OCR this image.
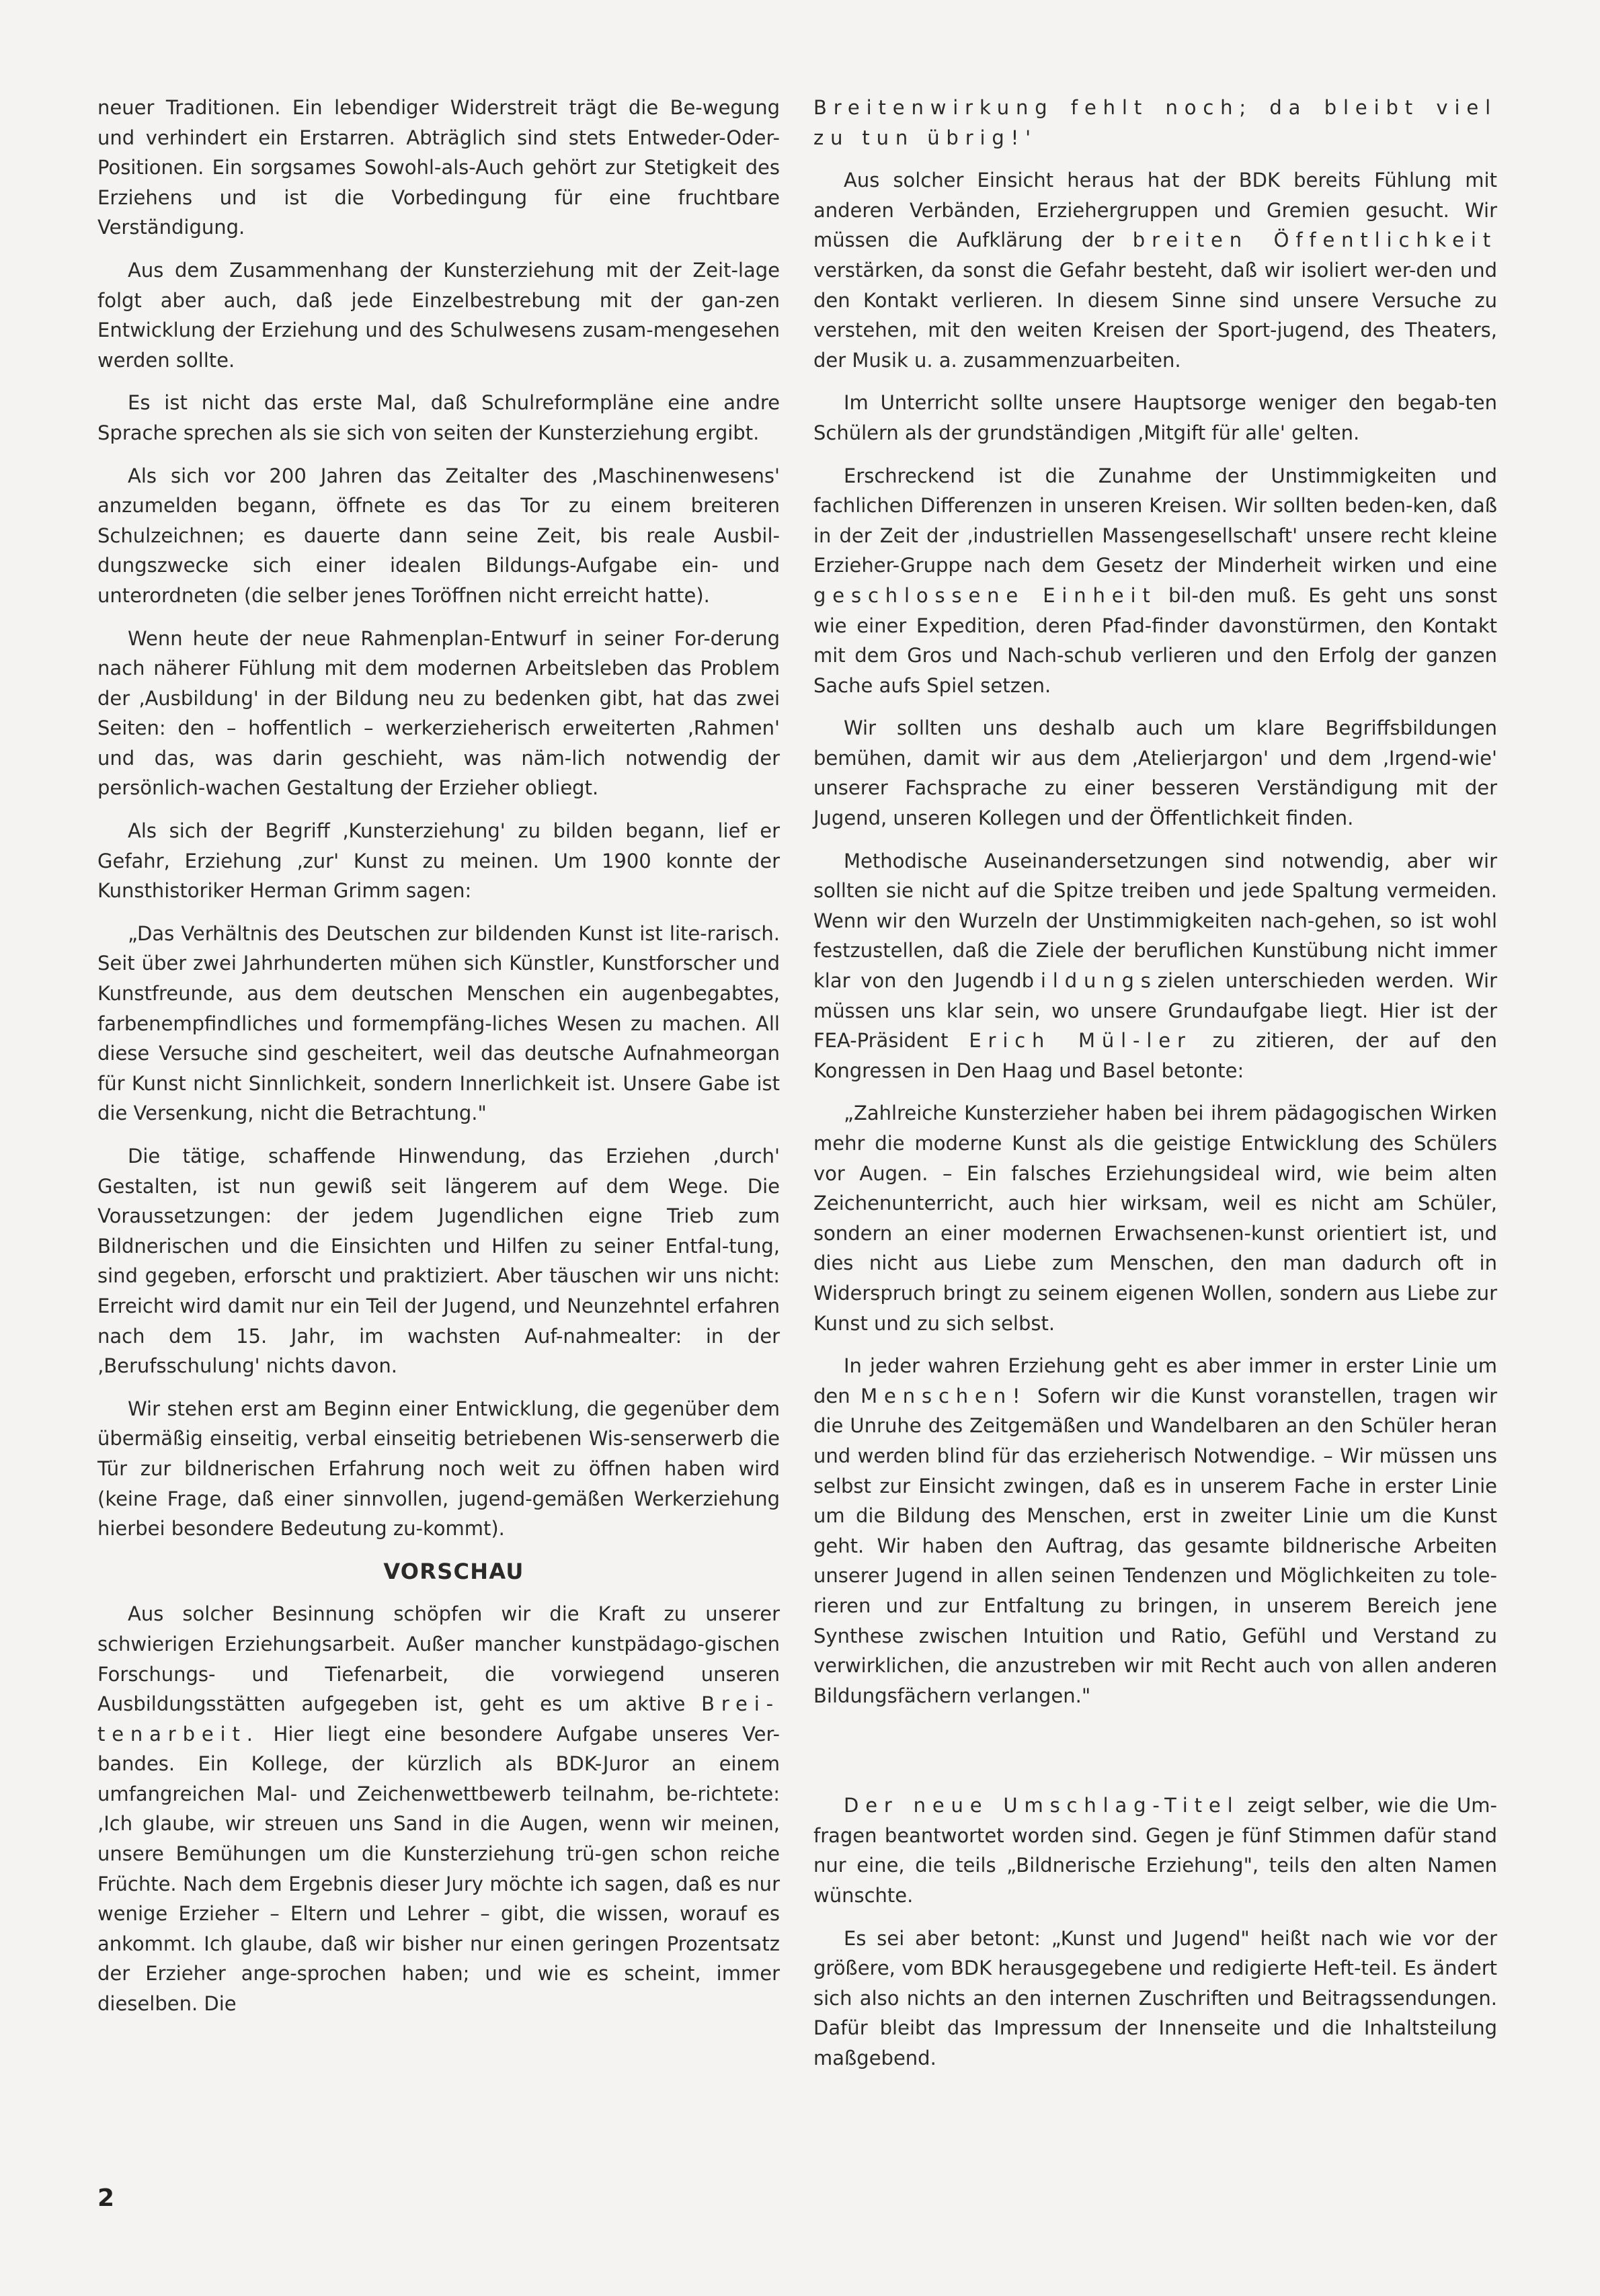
neuer Traditionen. Ein lebendiger Widerstreit trägt die Be-wegung und verhindert ein Erstarren. Abträglich sind stets Entweder-Oder-Positionen. Ein sorgsames Sowohl-als-Auch gehört zur Stetigkeit des Erziehens und ist die Vorbedingung für eine fruchtbare Verständigung.

Aus dem Zusammenhang der Kunsterziehung mit der Zeit-lage folgt aber auch, daß jede Einzelbestrebung mit der gan-zen Entwicklung der Erziehung und des Schulwesens zusam-mengesehen werden sollte.

Es ist nicht das erste Mal, daß Schulreformpläne eine andre Sprache sprechen als sie sich von seiten der Kunsterziehung ergibt.

Als sich vor 200 Jahren das Zeitalter des ‚Maschinenwesens' anzumelden begann, öffnete es das Tor zu einem breiteren Schulzeichnen; es dauerte dann seine Zeit, bis reale Ausbil-dungszwecke sich einer idealen Bildungs-Aufgabe ein- und unterordneten (die selber jenes Toröffnen nicht erreicht hatte).

Wenn heute der neue Rahmenplan-Entwurf in seiner For-derung nach näherer Fühlung mit dem modernen Arbeitsleben das Problem der ‚Ausbildung' in der Bildung neu zu bedenken gibt, hat das zwei Seiten: den – hoffentlich – werkerzieherisch erweiterten ‚Rahmen' und das, was darin geschieht, was näm-lich notwendig der persönlich-wachen Gestaltung der Erzieher obliegt.

Als sich der Begriff ‚Kunsterziehung' zu bilden begann, lief er Gefahr, Erziehung ‚zur' Kunst zu meinen. Um 1900 konnte der Kunsthistoriker Herman Grimm sagen:

„Das Verhältnis des Deutschen zur bildenden Kunst ist lite-rarisch. Seit über zwei Jahrhunderten mühen sich Künstler, Kunstforscher und Kunstfreunde, aus dem deutschen Menschen ein augenbegabtes, farbenempfindliches und formempfäng-liches Wesen zu machen. All diese Versuche sind gescheitert, weil das deutsche Aufnahmeorgan für Kunst nicht Sinnlichkeit, sondern Innerlichkeit ist. Unsere Gabe ist die Versenkung, nicht die Betrachtung."

Die tätige, schaffende Hinwendung, das Erziehen ‚durch' Gestalten, ist nun gewiß seit längerem auf dem Wege. Die Voraussetzungen: der jedem Jugendlichen eigne Trieb zum Bildnerischen und die Einsichten und Hilfen zu seiner Entfal-tung, sind gegeben, erforscht und praktiziert. Aber täuschen wir uns nicht: Erreicht wird damit nur ein Teil der Jugend, und Neunzehntel erfahren nach dem 15. Jahr, im wachsten Auf-nahmealter: in der ‚Berufsschulung' nichts davon.

Wir stehen erst am Beginn einer Entwicklung, die gegenüber dem übermäßig einseitig, verbal einseitig betriebenen Wis-senserwerb die Tür zur bildnerischen Erfahrung noch weit zu öffnen haben wird (keine Frage, daß einer sinnvollen, jugend-gemäßen Werkerziehung hierbei besondere Bedeutung zu-kommt).

VORSCHAU

Aus solcher Besinnung schöpfen wir die Kraft zu unserer schwierigen Erziehungsarbeit. Außer mancher kunstpädago-gischen Forschungs- und Tiefenarbeit, die vorwiegend unseren Ausbildungsstätten aufgegeben ist, geht es um aktive Brei-tenarbeit. Hier liegt eine besondere Aufgabe unseres Ver-bandes. Ein Kollege, der kürzlich als BDK-Juror an einem umfangreichen Mal- und Zeichenwettbewerb teilnahm, be-richtete: ‚Ich glaube, wir streuen uns Sand in die Augen, wenn wir meinen, unsere Bemühungen um die Kunsterziehung trü-gen schon reiche Früchte. Nach dem Ergebnis dieser Jury möchte ich sagen, daß es nur wenige Erzieher – Eltern und Lehrer – gibt, die wissen, worauf es ankommt. Ich glaube, daß wir bisher nur einen geringen Prozentsatz der Erzieher ange-sprochen haben; und wie es scheint, immer dieselben. Die

Breitenwirkung fehlt noch; da bleibt viel zu tun übrig!'

Aus solcher Einsicht heraus hat der BDK bereits Fühlung mit anderen Verbänden, Erziehergruppen und Gremien gesucht. Wir müssen die Aufklärung der breiten Öffentlichkeit verstärken, da sonst die Gefahr besteht, daß wir isoliert wer-den und den Kontakt verlieren. In diesem Sinne sind unsere Versuche zu verstehen, mit den weiten Kreisen der Sport-jugend, des Theaters, der Musik u. a. zusammenzuarbeiten.

Im Unterricht sollte unsere Hauptsorge weniger den begab-ten Schülern als der grundständigen ‚Mitgift für alle' gelten.

Erschreckend ist die Zunahme der Unstimmigkeiten und fachlichen Differenzen in unseren Kreisen. Wir sollten beden-ken, daß in der Zeit der ‚industriellen Massengesellschaft' unsere recht kleine Erzieher-Gruppe nach dem Gesetz der Minderheit wirken und eine geschlossene Einheit bil-den muß. Es geht uns sonst wie einer Expedition, deren Pfad-finder davonstürmen, den Kontakt mit dem Gros und Nach-schub verlieren und den Erfolg der ganzen Sache aufs Spiel setzen.

Wir sollten uns deshalb auch um klare Begriffsbildungen bemühen, damit wir aus dem ‚Atelierjargon' und dem ‚Irgend-wie' unserer Fachsprache zu einer besseren Verständigung mit der Jugend, unseren Kollegen und der Öffentlichkeit finden.

Methodische Auseinandersetzungen sind notwendig, aber wir sollten sie nicht auf die Spitze treiben und jede Spaltung vermeiden. Wenn wir den Wurzeln der Unstimmigkeiten nach-gehen, so ist wohl festzustellen, daß die Ziele der beruflichen Kunstübung nicht immer klar von den Jugendbildungszielen unterschieden werden. Wir müssen uns klar sein, wo unsere Grundaufgabe liegt. Hier ist der FEA-Präsident Erich Mül-ler zu zitieren, der auf den Kongressen in Den Haag und Basel betonte:

„Zahlreiche Kunsterzieher haben bei ihrem pädagogischen Wirken mehr die moderne Kunst als die geistige Entwicklung des Schülers vor Augen. – Ein falsches Erziehungsideal wird, wie beim alten Zeichenunterricht, auch hier wirksam, weil es nicht am Schüler, sondern an einer modernen Erwachsenen-kunst orientiert ist, und dies nicht aus Liebe zum Menschen, den man dadurch oft in Widerspruch bringt zu seinem eigenen Wollen, sondern aus Liebe zur Kunst und zu sich selbst.

In jeder wahren Erziehung geht es aber immer in erster Linie um den Menschen! Sofern wir die Kunst voranstellen, tragen wir die Unruhe des Zeitgemäßen und Wandelbaren an den Schüler heran und werden blind für das erzieherisch Notwendige. – Wir müssen uns selbst zur Einsicht zwingen, daß es in unserem Fache in erster Linie um die Bildung des Menschen, erst in zweiter Linie um die Kunst geht. Wir haben den Auftrag, das gesamte bildnerische Arbeiten unserer Jugend in allen seinen Tendenzen und Möglichkeiten zu tole-rieren und zur Entfaltung zu bringen, in unserem Bereich jene Synthese zwischen Intuition und Ratio, Gefühl und Verstand zu verwirklichen, die anzustreben wir mit Recht auch von allen anderen Bildungsfächern verlangen."

Der neue Umschlag-Titel zeigt selber, wie die Um-fragen beantwortet worden sind. Gegen je fünf Stimmen dafür stand nur eine, die teils „Bildnerische Erziehung", teils den alten Namen wünschte.

Es sei aber betont: „Kunst und Jugend" heißt nach wie vor der größere, vom BDK herausgegebene und redigierte Heft-teil. Es ändert sich also nichts an den internen Zuschriften und Beitragssendungen. Dafür bleibt das Impressum der Innenseite und die Inhaltsteilung maßgebend.

2
